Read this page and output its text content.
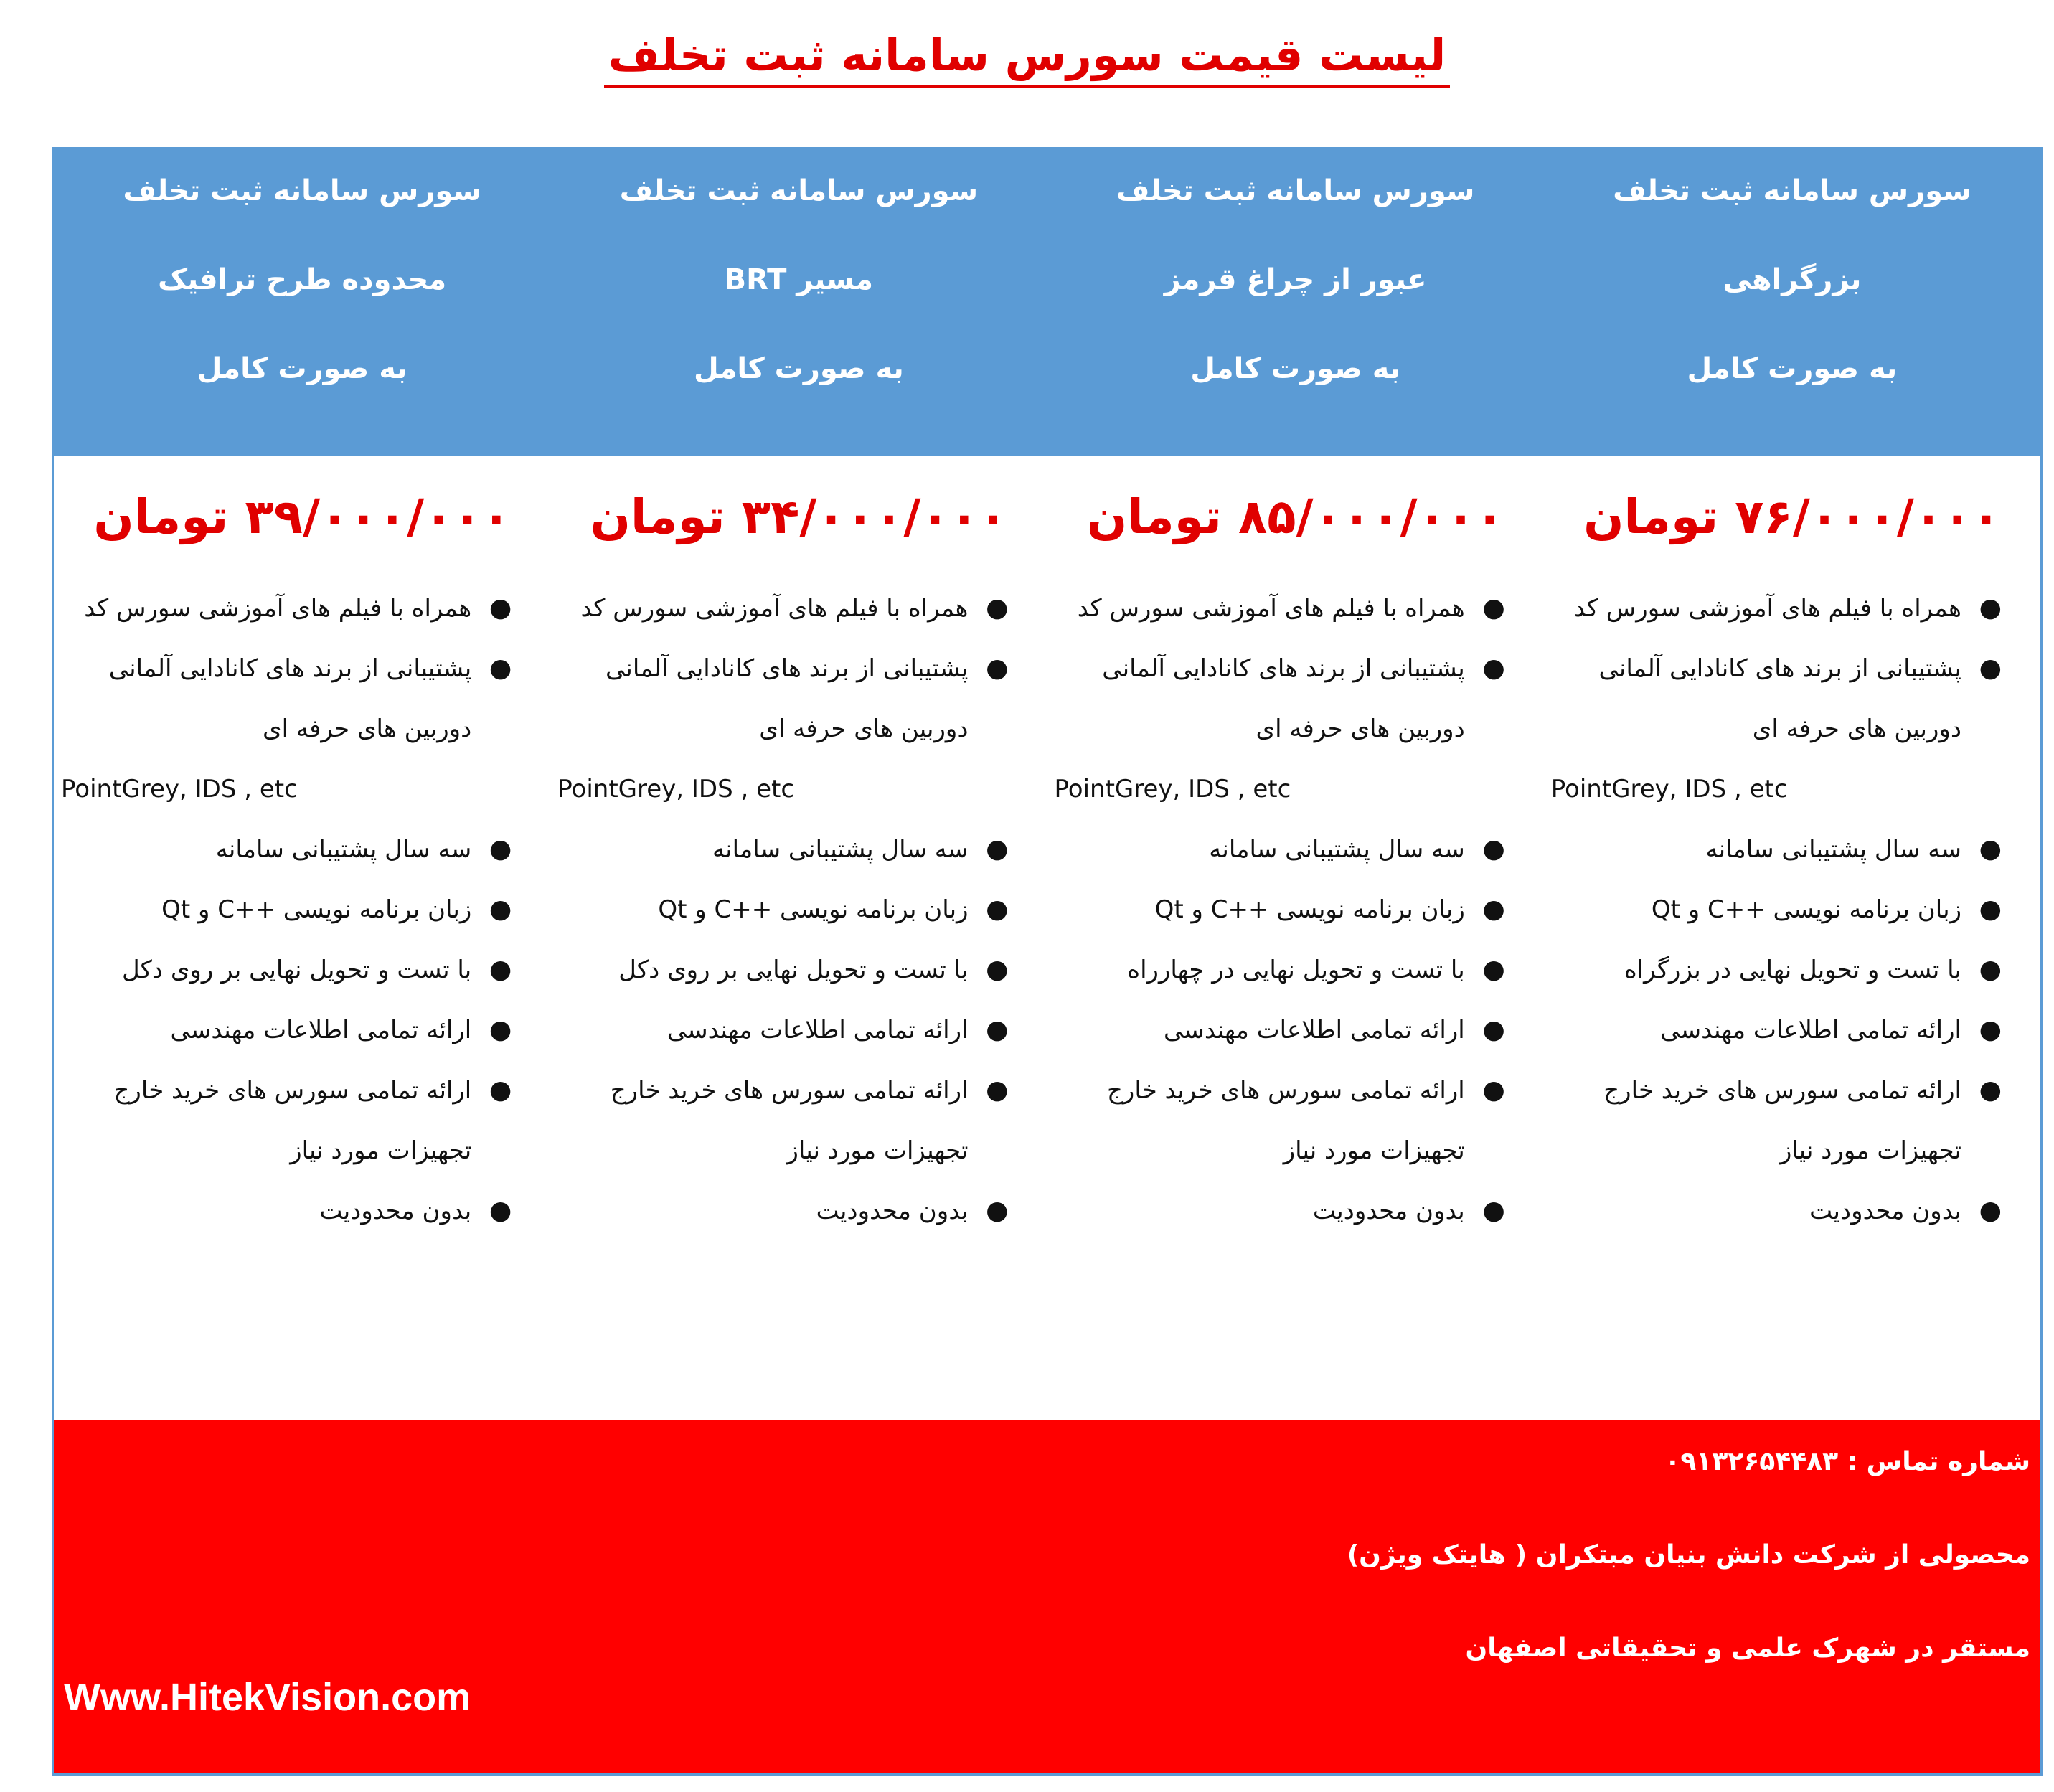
لیست قیمت سورس سامانه ثبت تخلف
سورس سامانه ثبت تخلف
بزرگراهی
به صورت کامل
سورس سامانه ثبت تخلف
عبور از چراغ قرمز
به صورت کامل
سورس سامانه ثبت تخلف
مسیر BRT
به صورت کامل
سورس سامانه ثبت تخلف
محدوده طرح ترافیک
به صورت کامل
۷۶/۰۰۰/۰۰۰ تومان
●
همراه با فیلم های آموزشی سورس کد
●
پشتیبانی از برند های کانادایی آلمانی
دوربین های حرفه ای
PointGrey, IDS , etc
●
سه سال پشتیبانی سامانه
●
زبان برنامه نویسی ++C و Qt
●
با تست و تحویل نهایی در بزرگراه
●
ارائه تمامی اطلاعات مهندسی
●
ارائه تمامی سورس های خرید خارج
تجهیزات مورد نیاز
●
بدون محدودیت
۸۵/۰۰۰/۰۰۰ تومان
●
همراه با فیلم های آموزشی سورس کد
●
پشتیبانی از برند های کانادایی آلمانی
دوربین های حرفه ای
PointGrey, IDS , etc
●
سه سال پشتیبانی سامانه
●
زبان برنامه نویسی ++C و Qt
●
با تست و تحویل نهایی در چهارراه
●
ارائه تمامی اطلاعات مهندسی
●
ارائه تمامی سورس های خرید خارج
تجهیزات مورد نیاز
●
بدون محدودیت
۳۴/۰۰۰/۰۰۰ تومان
●
همراه با فیلم های آموزشی سورس کد
●
پشتیبانی از برند های کانادایی آلمانی
دوربین های حرفه ای
PointGrey, IDS , etc
●
سه سال پشتیبانی سامانه
●
زبان برنامه نویسی ++C و Qt
●
با تست و تحویل نهایی بر روی دکل
●
ارائه تمامی اطلاعات مهندسی
●
ارائه تمامی سورس های خرید خارج
تجهیزات مورد نیاز
●
بدون محدودیت
۳۹/۰۰۰/۰۰۰ تومان
●
همراه با فیلم های آموزشی سورس کد
●
پشتیبانی از برند های کانادایی آلمانی
دوربین های حرفه ای
PointGrey, IDS , etc
●
سه سال پشتیبانی سامانه
●
زبان برنامه نویسی ++C و Qt
●
با تست و تحویل نهایی بر روی دکل
●
ارائه تمامی اطلاعات مهندسی
●
ارائه تمامی سورس های خرید خارج
تجهیزات مورد نیاز
●
بدون محدودیت
شماره تماس : ۰۹۱۳۲۶۵۴۴۸۳
محصولی از شرکت دانش بنیان مبتکران ( هایتک ویژن)
مستقر در شهرک علمی و تحقیقاتی اصفهان
Www.HitekVision.com
